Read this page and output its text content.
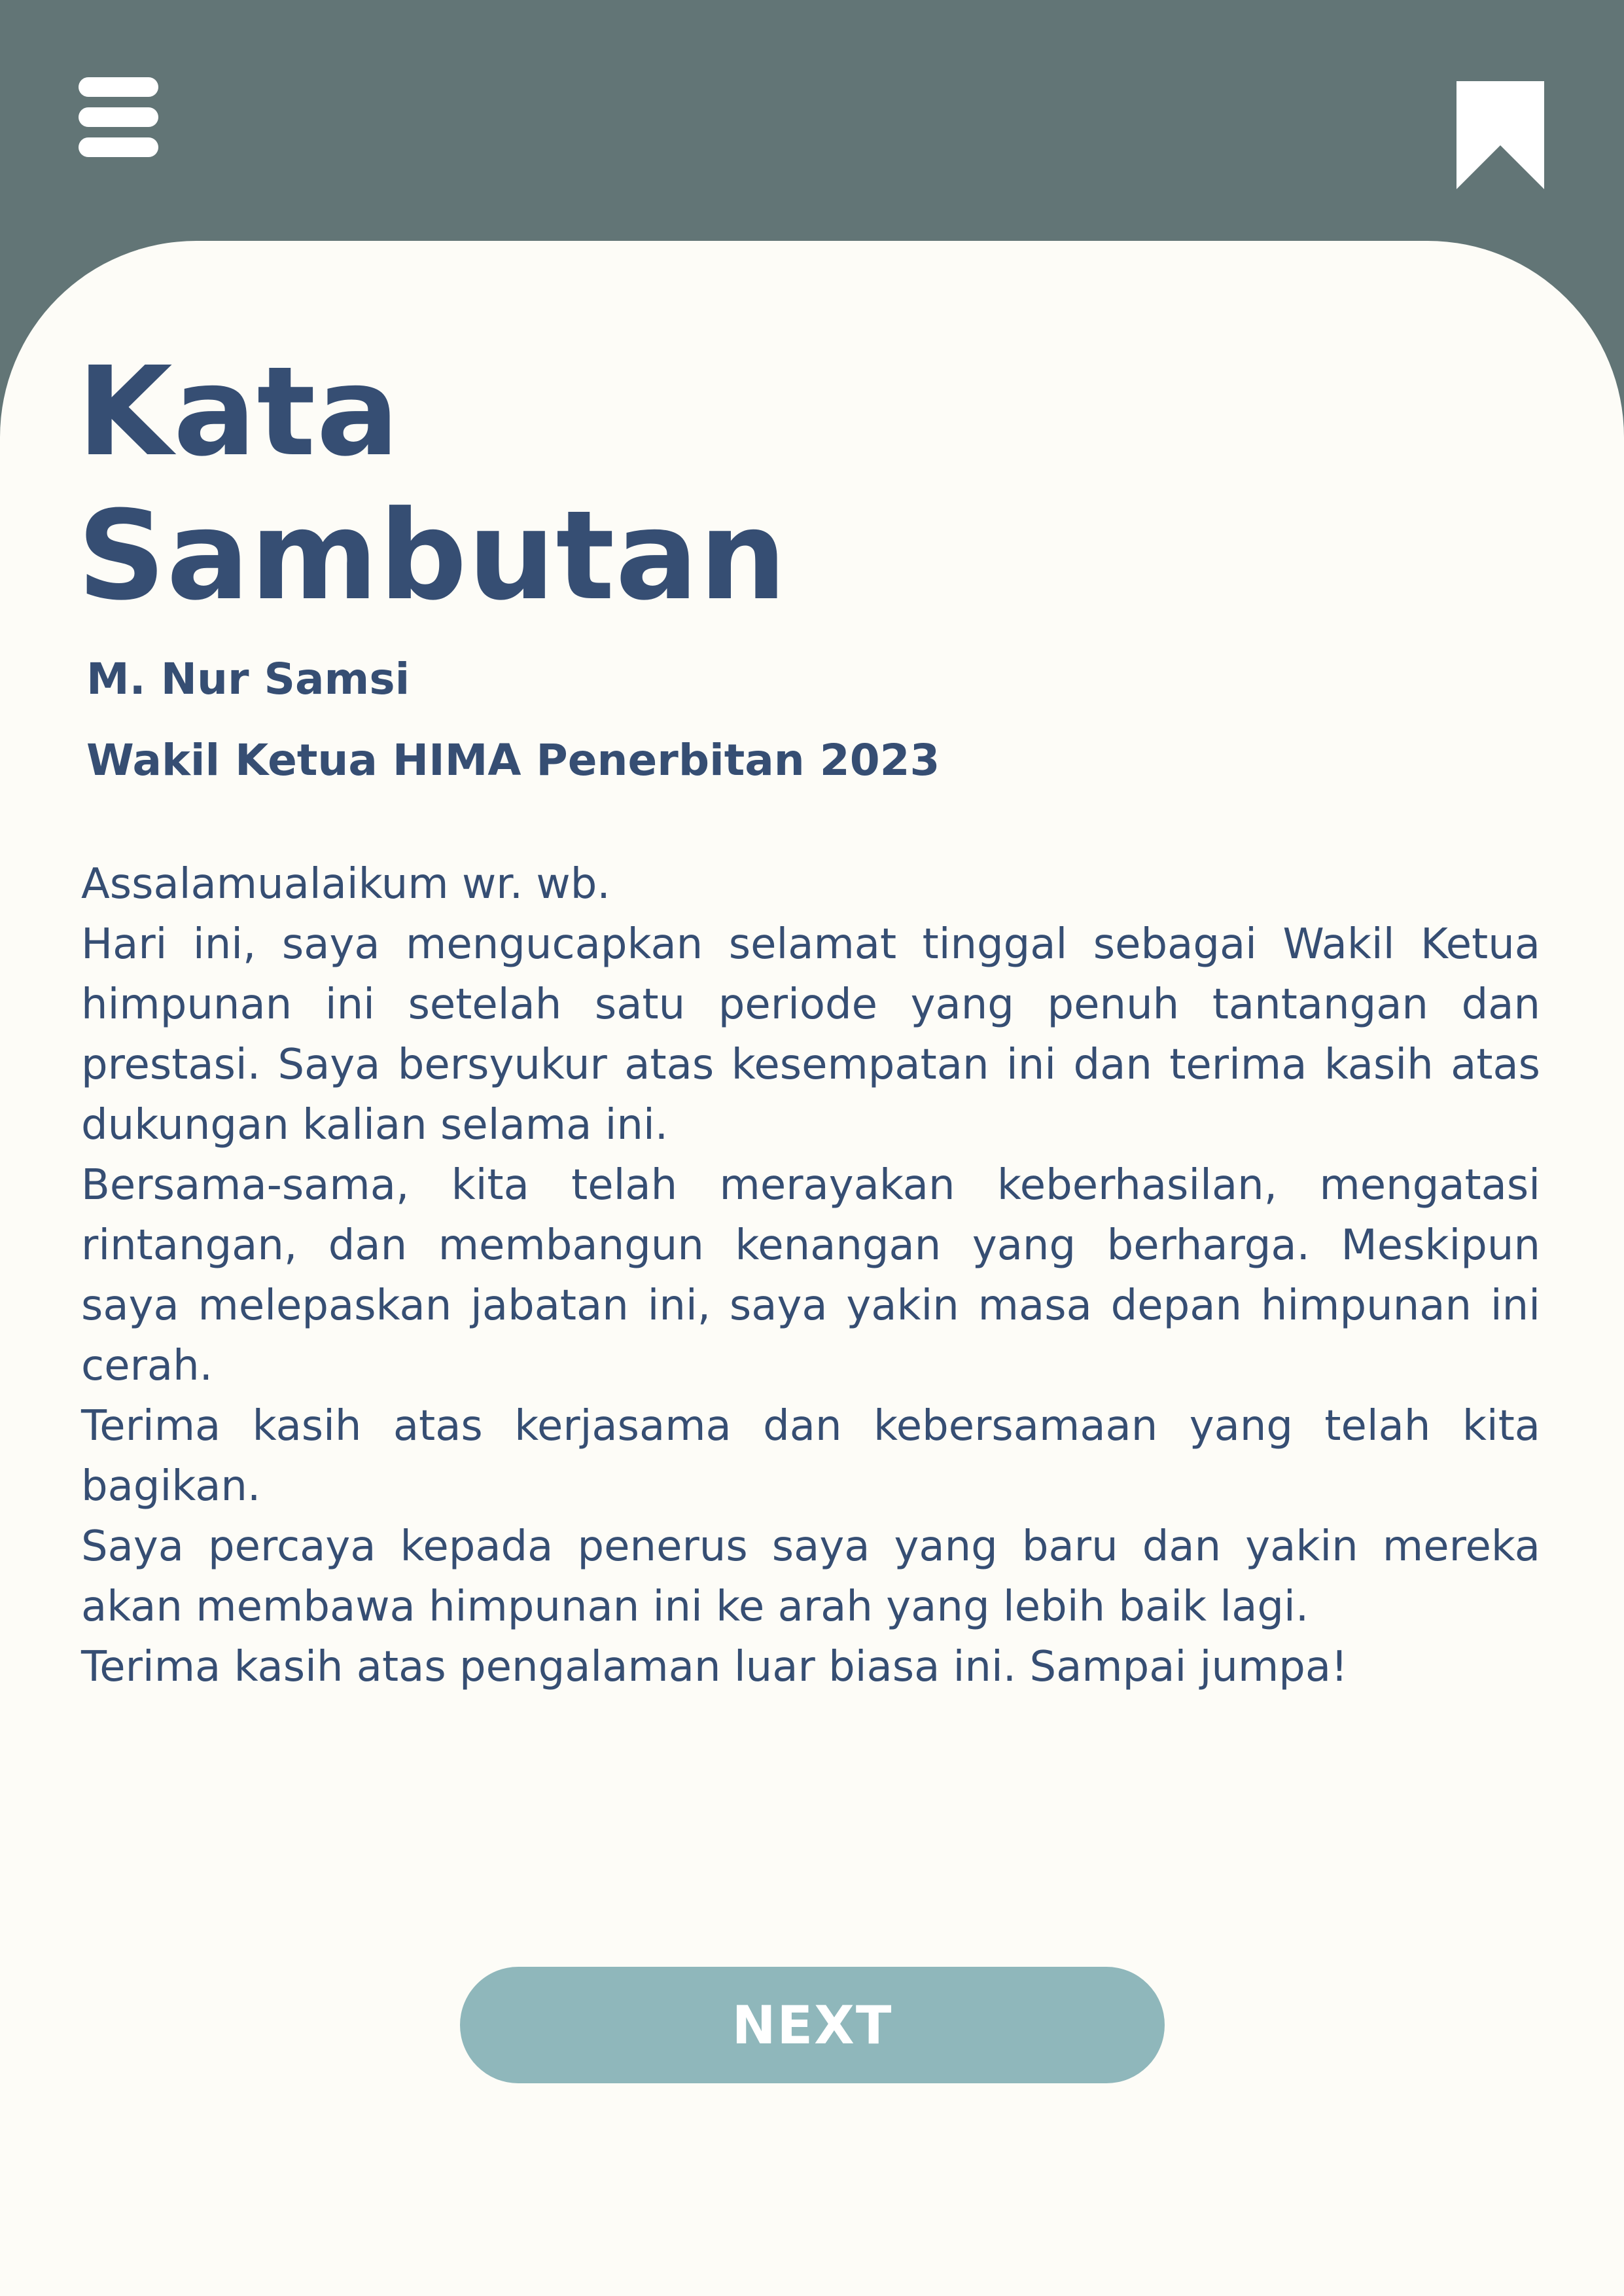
Kata
Sambutan

M. Nur Samsi

Wakil Ketua HIMA Penerbitan 2023

Assalamualaikum wr. wb.

Hari ini, saya mengucapkan selamat tinggal sebagai Wakil Ketua himpunan ini setelah satu periode yang penuh tantangan dan prestasi. Saya bersyukur atas kesempatan ini dan terima kasih atas dukungan kalian selama ini.

Bersama-sama, kita telah merayakan keberhasilan, mengatasi rintangan, dan membangun kenangan yang berharga. Meskipun saya melepaskan jabatan ini, saya yakin masa depan himpunan ini cerah.

Terima kasih atas kerjasama dan kebersamaan yang telah kita bagikan.

Saya percaya kepada penerus saya yang baru dan yakin mereka akan membawa himpunan ini ke arah yang lebih baik lagi.

Terima kasih atas pengalaman luar biasa ini. Sampai jumpa!

NEXT
